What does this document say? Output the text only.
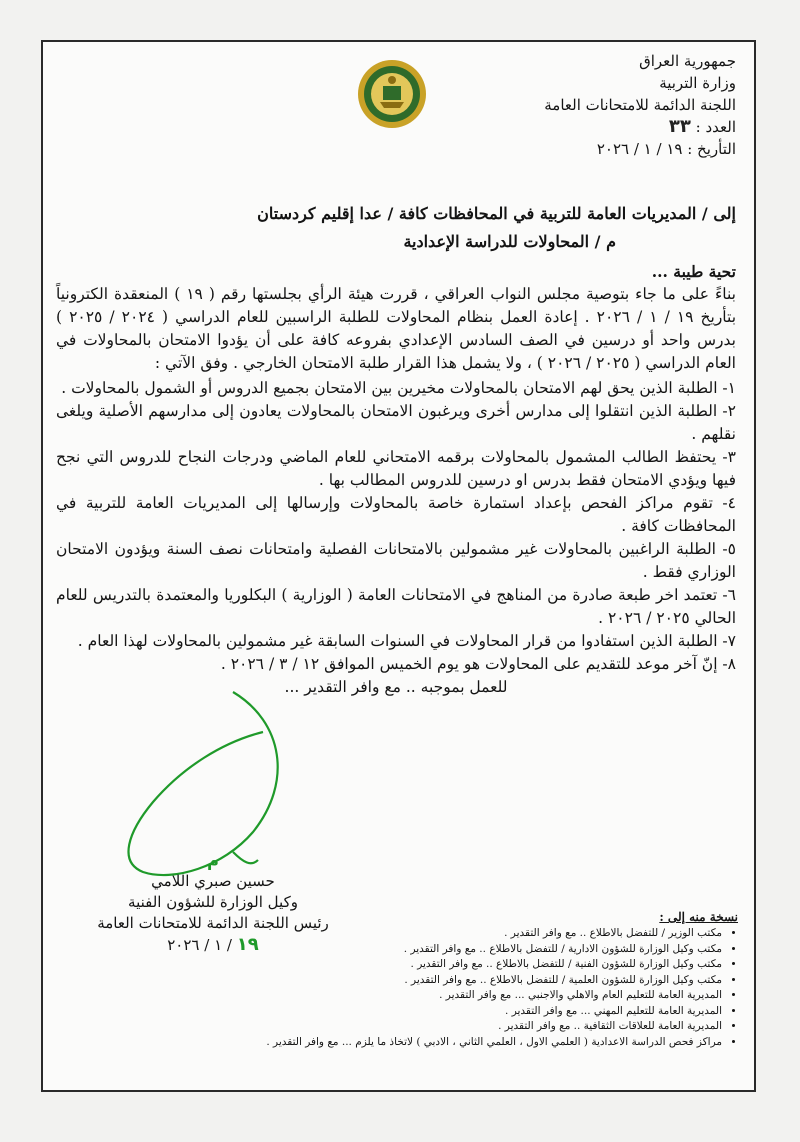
جمهورية العراق
وزارة التربية
اللجنة الدائمة للامتحانات العامة
العدد : ٣٣
التأريخ : ١٩ / ١ / ٢٠٢٦
إلى / المديريات العامة للتربية في المحافظات كافة / عدا إقليم كردستان
م / المحاولات للدراسة الإعدادية

تحية طيبة ...

بناءً على ما جاء بتوصية مجلس النواب العراقي ، قررت هيئة الرأي بجلستها رقم ( ١٩ ) المنعقدة الكترونياً بتأريخ ١٩ / ١ / ٢٠٢٦ . إعادة العمل بنظام المحاولات للطلبة الراسبين للعام الدراسي ( ٢٠٢٤ / ٢٠٢٥ ) بدرس واحد أو درسين في الصف السادس الإعدادي بفروعه كافة على أن يؤدوا الامتحان بالمحاولات في العام الدراسي ( ٢٠٢٥ / ٢٠٢٦ ) ، ولا يشمل هذا القرار طلبة الامتحان الخارجي . وفق الآتي :

١- الطلبة الذين يحق لهم الامتحان بالمحاولات مخيرين بين الامتحان بجميع الدروس أو الشمول بالمحاولات .
٢- الطلبة الذين انتقلوا إلى مدارس أخرى ويرغبون الامتحان بالمحاولات يعادون إلى مدارسهم الأصلية ويلغى نقلهم .
٣- يحتفظ الطالب المشمول بالمحاولات برقمه الامتحاني للعام الماضي ودرجات النجاح للدروس التي نجح فيها ويؤدي الامتحان فقط بدرس او درسين للدروس المطالب بها .
٤- تقوم مراكز الفحص بإعداد استمارة خاصة بالمحاولات وإرسالها إلى المديريات العامة للتربية في المحافظات كافة .
٥- الطلبة الراغبين بالمحاولات غير مشمولين بالامتحانات الفصلية وامتحانات نصف السنة ويؤدون الامتحان الوزاري فقط .
٦- تعتمد اخر طبعة صادرة من المناهج في الامتحانات العامة ( الوزارية ) البكلوريا والمعتمدة بالتدريس للعام الحالي ٢٠٢٥ / ٢٠٢٦ .
٧- الطلبة الذين استفادوا من قرار المحاولات في السنوات السابقة غير مشمولين بالمحاولات لهذا العام .
٨- إنّ آخر موعد للتقديم على المحاولات هو يوم الخميس الموافق ١٢ / ٣ / ٢٠٢٦ .

للعمل بموجبه .. مع وافر التقدير ...

م
حسين صبري اللامي
وكيل الوزارة للشؤون الفنية
رئيس اللجنة الدائمة للامتحانات العامة
١٩ / ١ / ٢٠٢٦
نسخة منه إلى :
• مكتب الوزير / للتفضل بالاطلاع .. مع وافر التقدير .
• مكتب وكيل الوزارة للشؤون الادارية / للتفضل بالاطلاع .. مع وافر التقدير .
• مكتب وكيل الوزارة للشؤون الفنية / للتفضل بالاطلاع .. مع وافر التقدير .
• مكتب وكيل الوزارة للشؤون العلمية / للتفضل بالاطلاع .. مع وافر التقدير .
• المديرية العامة للتعليم العام والاهلي والاجنبي ... مع وافر التقدير .
• المديرية العامة للتعليم المهني ... مع وافر التقدير .
• المديرية العامة للعلاقات الثقافية .. مع وافر التقدير .
• مراكز فحص الدراسة الاعدادية ( العلمي الاول ، العلمي الثاني ، الادبي ) لاتخاذ ما يلزم ... مع وافر التقدير .
